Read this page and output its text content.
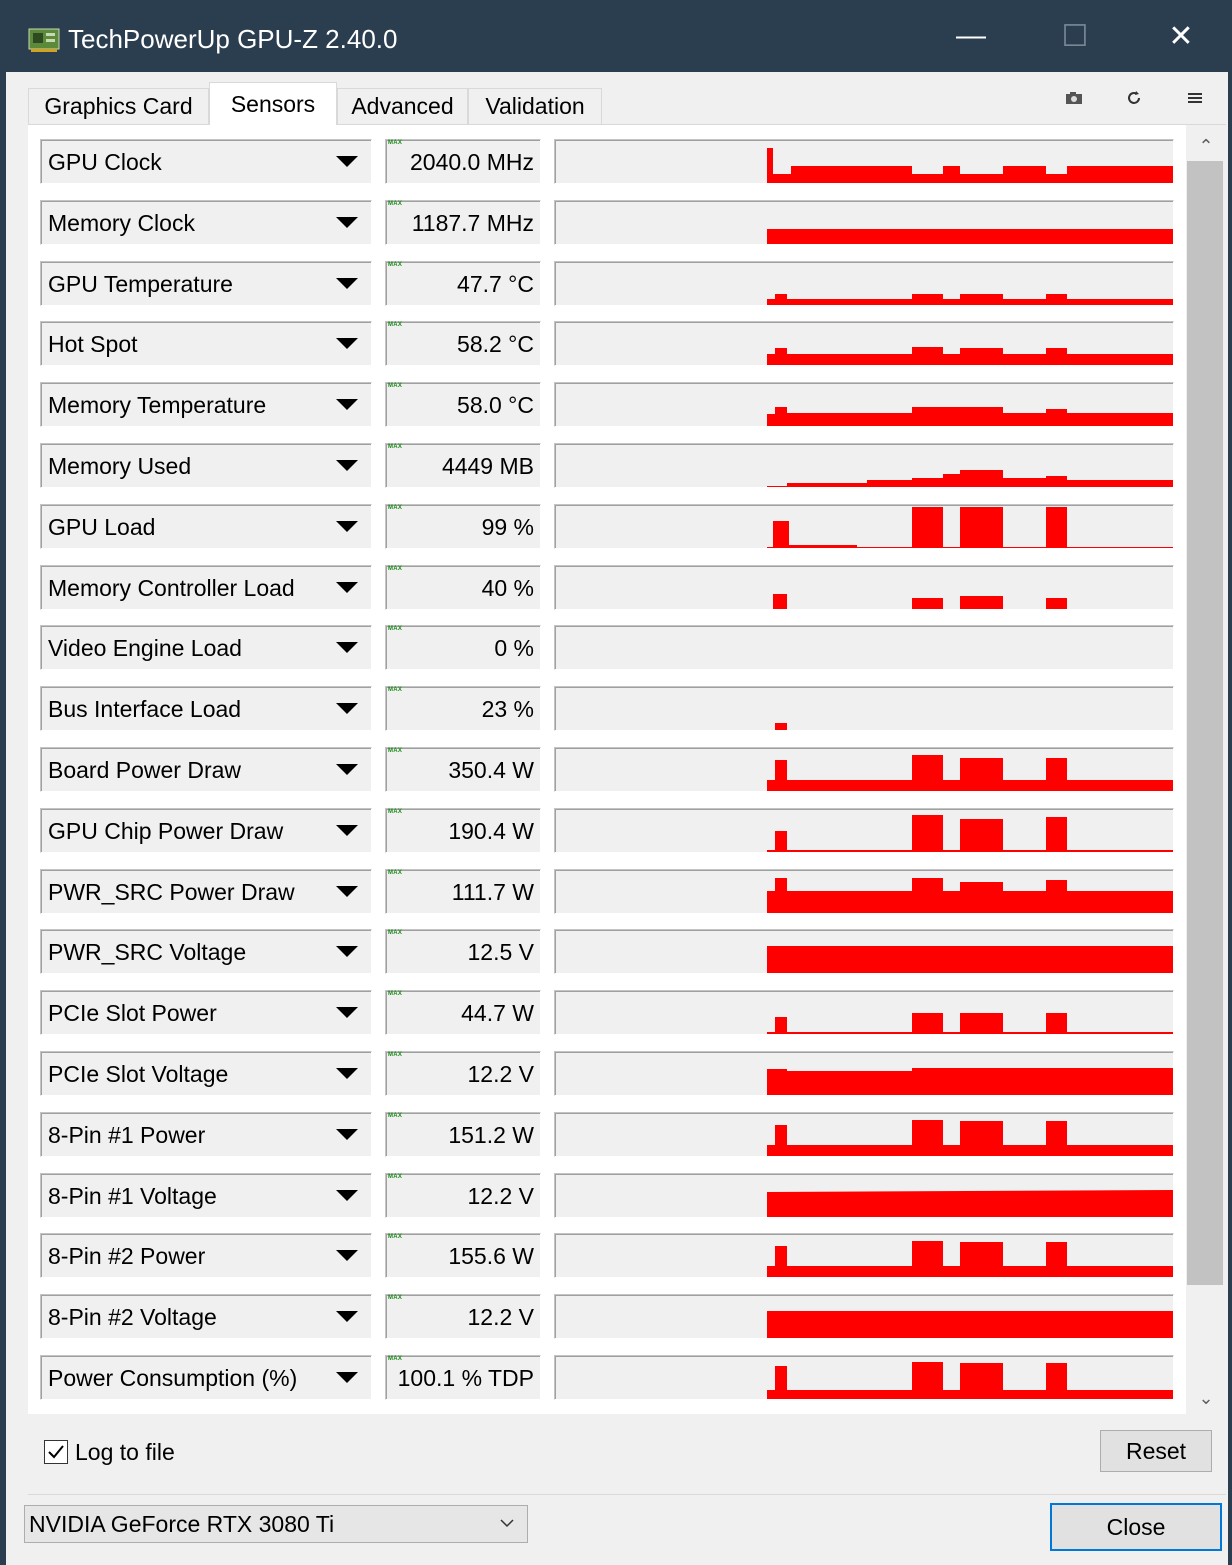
TechPowerUp GPU-Z 2.40.0	—	☐	✕
Graphics Card Sensors Advanced Validation
GPU Clock
MAX
2040.0 MHz
Memory Clock
MAX
1187.7 MHz
GPU Temperature
MAX
47.7 °C
Hot Spot
MAX
58.2 °C
Memory Temperature
MAX
58.0 °C
Memory Used
MAX
4449 MB
GPU Load
MAX
99 %
Memory Controller Load
MAX
40 %
Video Engine Load
MAX
0 %
Bus Interface Load
MAX
23 %
Board Power Draw
MAX
350.4 W
GPU Chip Power Draw
MAX
190.4 W
PWR_SRC Power Draw
MAX
111.7 W
PWR_SRC Voltage
MAX
12.5 V
PCIe Slot Power
MAX
44.7 W
PCIe Slot Voltage
MAX
12.2 V
8-Pin #1 Power
MAX
151.2 W
8-Pin #1 Voltage
MAX
12.2 V
8-Pin #2 Power
MAX
155.6 W
8-Pin #2 Voltage
MAX
12.2 V
Power Consumption (%)
MAX
100.1 % TDP
⌃
⌄
Log to file	Reset
NVIDIA GeForce RTX 3080 Ti	Close
